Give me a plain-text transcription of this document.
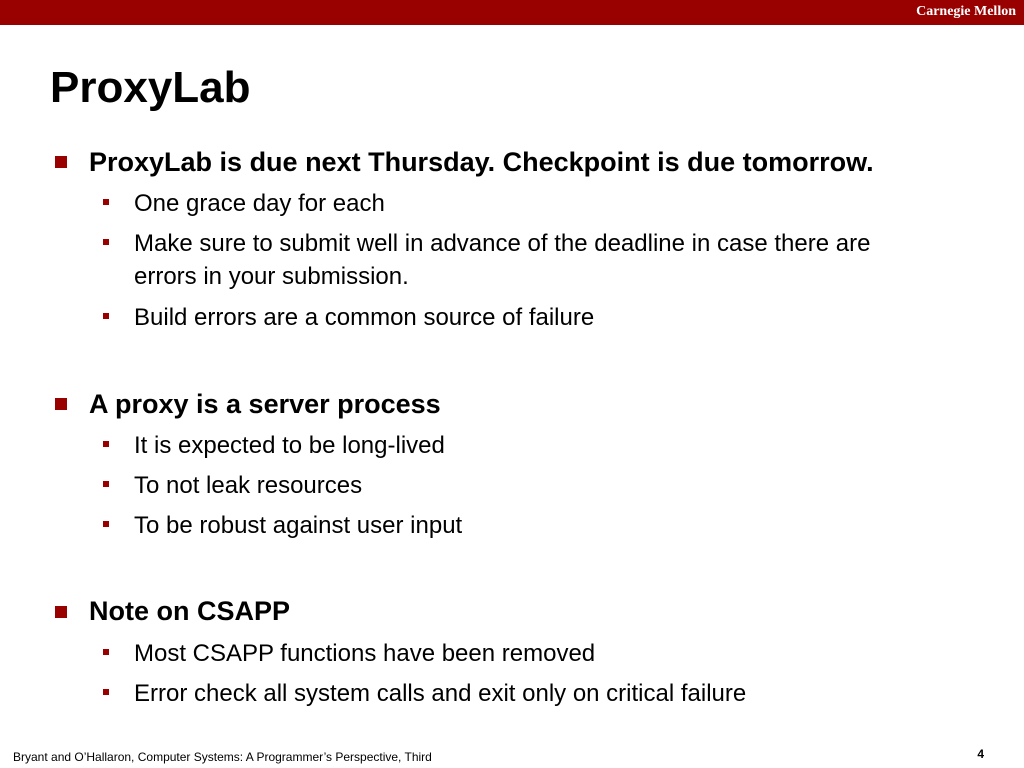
Carnegie Mellon
ProxyLab
ProxyLab is due next Thursday. Checkpoint is due tomorrow.
One grace day for each
Make sure to submit well in advance of the deadline in case there are
errors in your submission.
Build errors are a common source of failure
A proxy is a server process
It is expected to be long-lived
To not leak resources
To be robust against user input
Note on CSAPP
Most CSAPP functions have been removed
Error check all system calls and exit only on critical failure
Bryant and O’Hallaron, Computer Systems: A Programmer’s Perspective, Third	4
